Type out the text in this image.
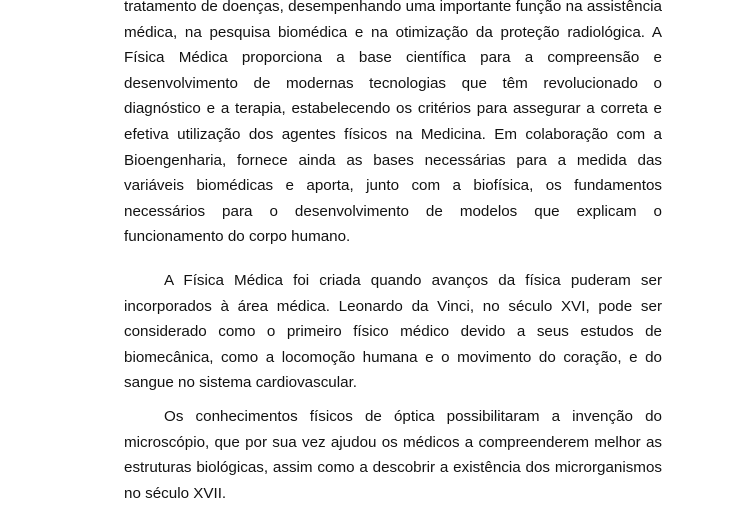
tratamento de doenças, desempenhando uma importante função na assistência médica, na pesquisa biomédica e na otimização da proteção radiológica. A Física Médica proporciona a base científica para a compreensão e desenvolvimento de modernas tecnologias que têm revolucionado o diagnóstico e a terapia, estabelecendo os critérios para assegurar a correta e efetiva utilização dos agentes físicos na Medicina. Em colaboração com a Bioengenharia, fornece ainda as bases necessárias para a medida das variáveis biomédicas e aporta, junto com a biofísica, os fundamentos necessários para o desenvolvimento de modelos que explicam o funcionamento do corpo humano.

A Física Médica foi criada quando avanços da física puderam ser incorporados à área médica. Leonardo da Vinci, no século XVI, pode ser considerado como o primeiro físico médico devido a seus estudos de biomecânica, como a locomoção humana e o movimento do coração, e do sangue no sistema cardiovascular.

Os conhecimentos físicos de óptica possibilitaram a invenção do microscópio, que por sua vez ajudou os médicos a compreenderem melhor as estruturas biológicas, assim como a descobrir a existência dos microrganismos no século XVII.
